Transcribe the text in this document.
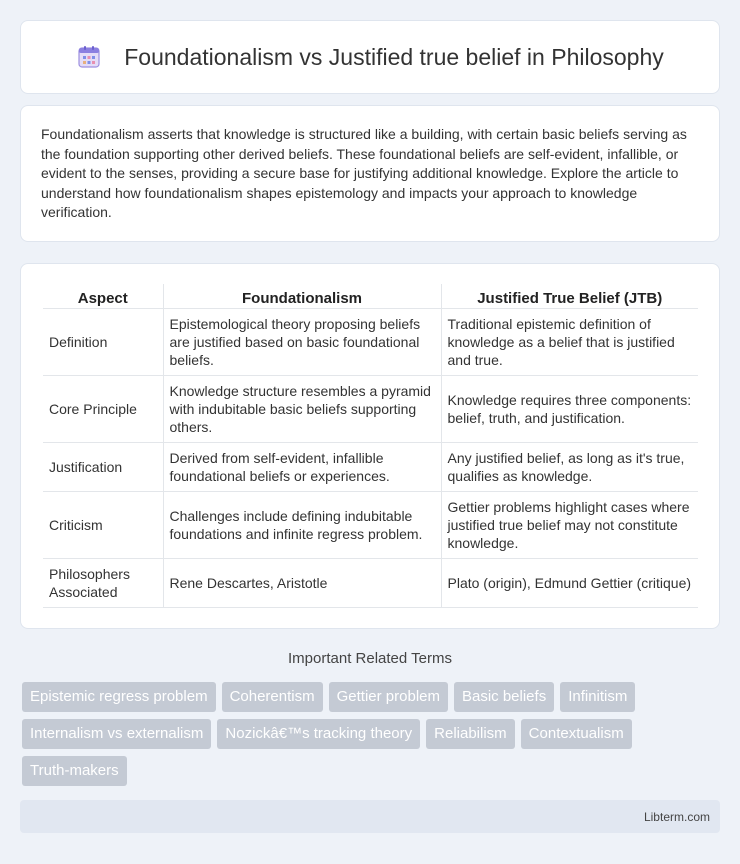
Foundationalism vs Justified true belief in Philosophy

Foundationalism asserts that knowledge is structured like a building, with certain basic beliefs serving as the foundation supporting other derived beliefs. These foundational beliefs are self-evident, infallible, or evident to the senses, providing a secure base for justifying additional knowledge. Explore the article to understand how foundationalism shapes epistemology and impacts your approach to knowledge verification.

Aspect	Foundationalism	Justified True Belief (JTB)
Definition	Epistemological theory proposing beliefs are justified based on basic foundational beliefs.	Traditional epistemic definition of knowledge as a belief that is justified and true.
Core Principle	Knowledge structure resembles a pyramid with indubitable basic beliefs supporting others.	Knowledge requires three components: belief, truth, and justification.
Justification	Derived from self-evident, infallible foundational beliefs or experiences.	Any justified belief, as long as it's true, qualifies as knowledge.
Criticism	Challenges include defining indubitable foundations and infinite regress problem.	Gettier problems highlight cases where justified true belief may not constitute knowledge.
Philosophers Associated	Rene Descartes, Aristotle	Plato (origin), Edmund Gettier (critique)
Important Related Terms
Epistemic regress problem	Coherentism	Gettier problem	Basic beliefs	Infinitism
Internalism vs externalism	Nozickâ€™s tracking theory	Reliabilism	Contextualism
Truth-makers
Libterm.com
